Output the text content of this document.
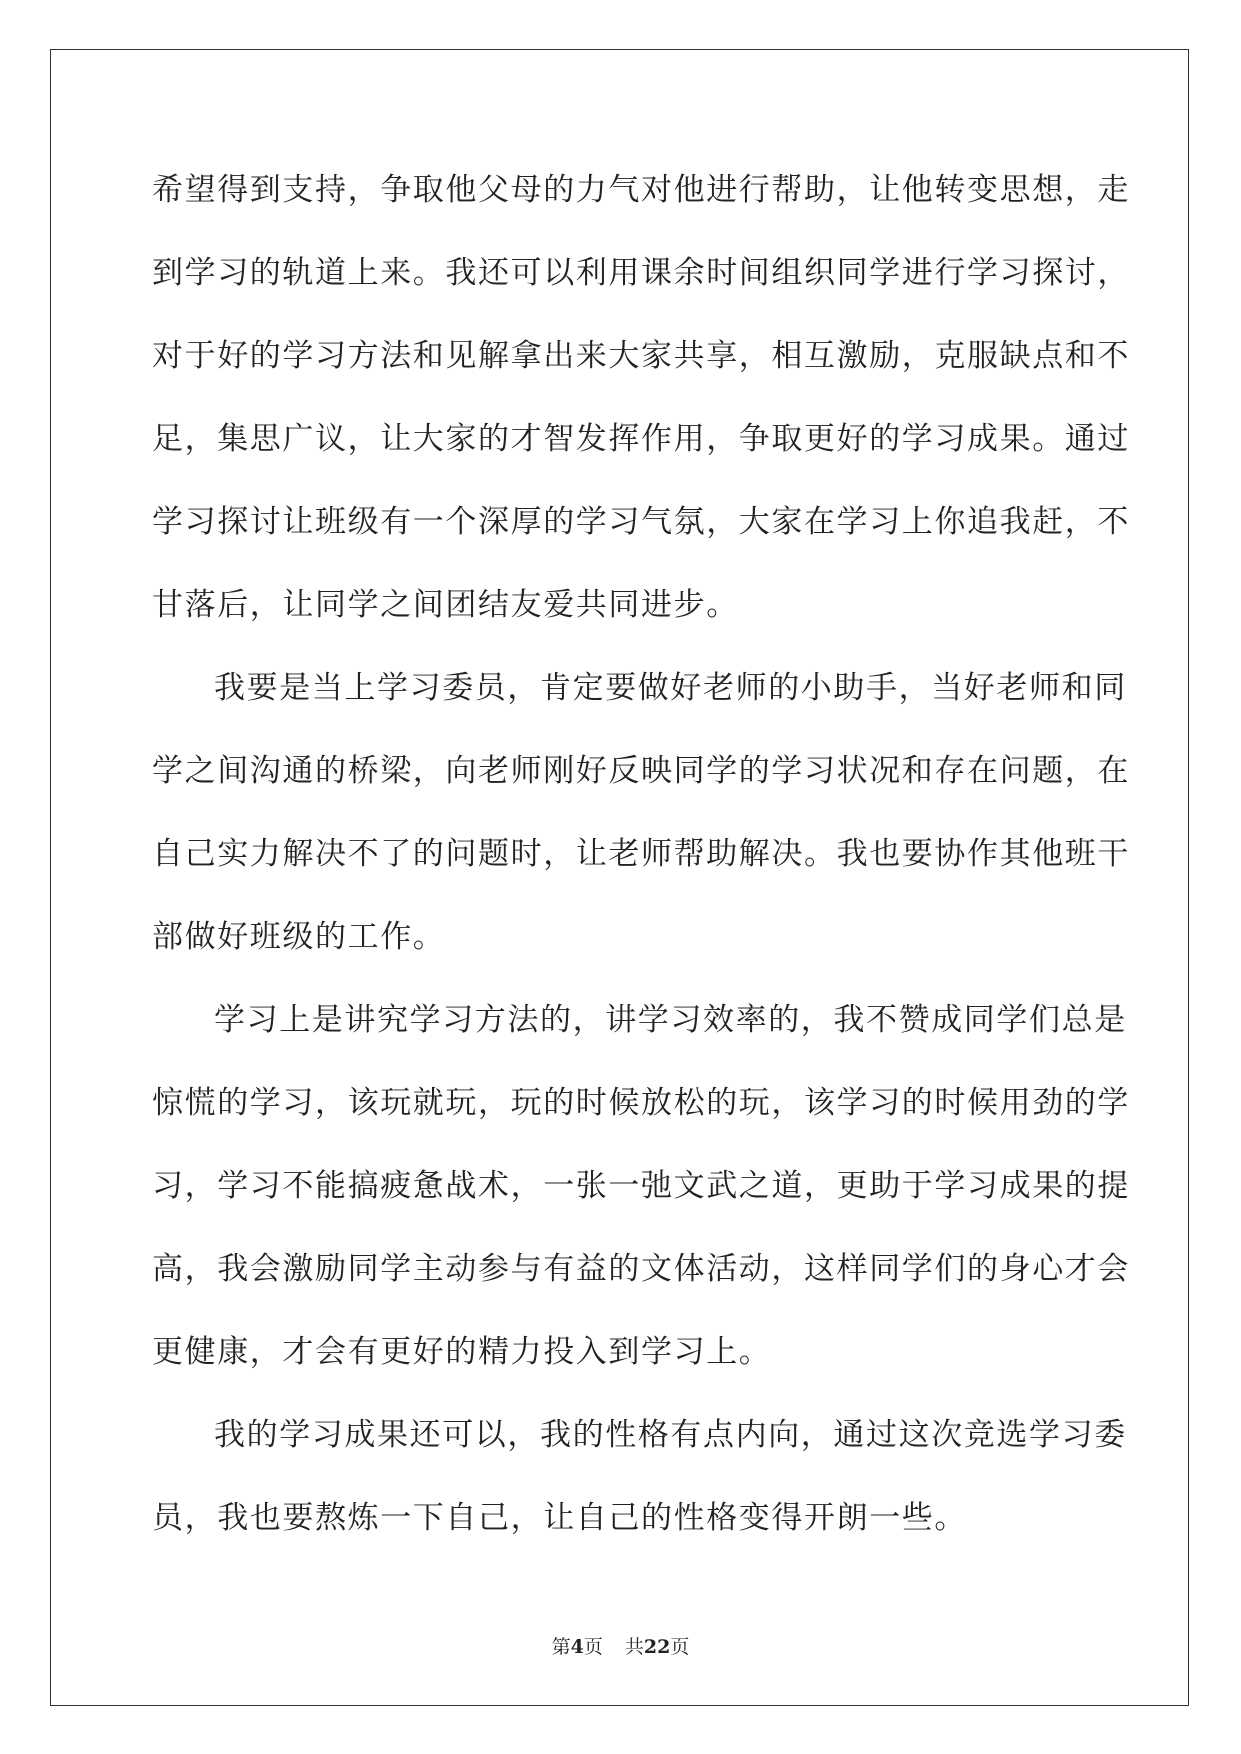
希望得到支持，争取他父母的力气对他进行帮助，让他转变思想，走
到学习的轨道上来。我还可以利用课余时间组织同学进行学习探讨，
对于好的学习方法和见解拿出来大家共享，相互激励，克服缺点和不
足，集思广议，让大家的才智发挥作用，争取更好的学习成果。通过
学习探讨让班级有一个深厚的学习气氛，大家在学习上你追我赶，不
甘落后，让同学之间团结友爱共同进步。
我要是当上学习委员，肯定要做好老师的小助手，当好老师和同
学之间沟通的桥梁，向老师刚好反映同学的学习状况和存在问题，在
自己实力解决不了的问题时，让老师帮助解决。我也要协作其他班干
部做好班级的工作。
学习上是讲究学习方法的，讲学习效率的，我不赞成同学们总是
惊慌的学习，该玩就玩，玩的时候放松的玩，该学习的时候用劲的学
习，学习不能搞疲惫战术，一张一弛文武之道，更助于学习成果的提
高，我会激励同学主动参与有益的文体活动，这样同学们的身心才会
更健康，才会有更好的精力投入到学习上。
我的学习成果还可以，我的性格有点内向，通过这次竞选学习委
员，我也要熬炼一下自己，让自己的性格变得开朗一些。
第4页 共22页
